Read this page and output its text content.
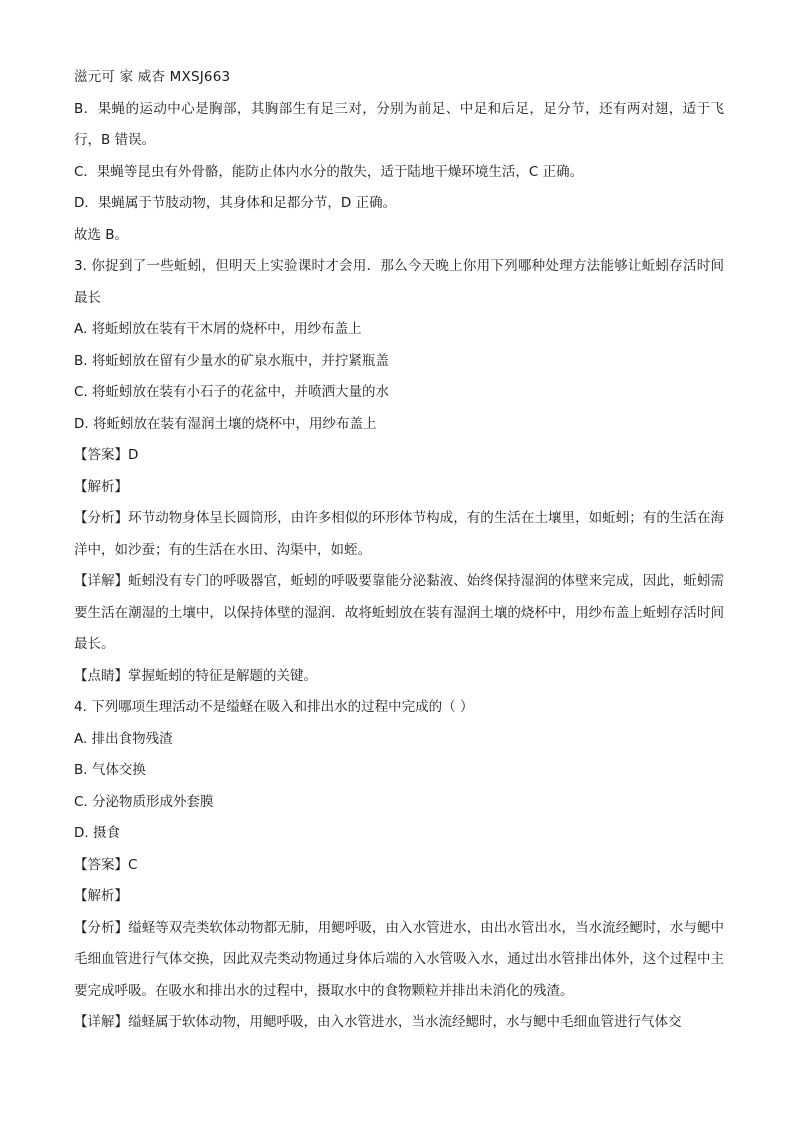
滋元可 家 威杏 MXSJ663
B．果蝇的运动中心是胸部，其胸部生有足三对，分别为前足、中足和后足，足分节，还有两对翅，适于飞行，B 错误。
C．果蝇等昆虫有外骨骼，能防止体内水分的散失，适于陆地干燥环境生活，C 正确。
D．果蝇属于节肢动物，其身体和足都分节，D 正确。
故选 B。
3. 你捉到了一些蚯蚓，但明天上实验课时才会用．那么今天晚上你用下列哪种处理方法能够让蚯蚓存活时间最长
A. 将蚯蚓放在装有干木屑的烧杯中，用纱布盖上
B. 将蚯蚓放在留有少量水的矿泉水瓶中，并拧紧瓶盖
C. 将蚯蚓放在装有小石子的花盆中，并喷洒大量的水
D. 将蚯蚓放在装有湿润土壤的烧杯中，用纱布盖上
【答案】D
【解析】
【分析】环节动物身体呈长圆筒形，由许多相似的环形体节构成，有的生活在土壤里，如蚯蚓；有的生活在海洋中，如沙蚕；有的生活在水田、沟渠中，如蛭。
【详解】蚯蚓没有专门的呼吸器官，蚯蚓的呼吸要靠能分泌黏液、始终保持湿润的体壁来完成，因此，蚯蚓需要生活在潮湿的土壤中，以保持体壁的湿润．故将蚯蚓放在装有湿润土壤的烧杯中，用纱布盖上蚯蚓存活时间最长。
【点睛】掌握蚯蚓的特征是解题的关键。
4. 下列哪项生理活动不是缢蛏在吸入和排出水的过程中完成的（ ）
A. 排出食物残渣
B. 气体交换
C. 分泌物质形成外套膜
D. 摄食
【答案】C
【解析】
【分析】缢蛏等双壳类软体动物都无肺，用鳃呼吸，由入水管进水，由出水管出水，当水流经鳃时，水与鳃中毛细血管进行气体交换，因此双壳类动物通过身体后端的入水管吸入水，通过出水管排出体外，这个过程中主要完成呼吸。在吸水和排出水的过程中，摄取水中的食物颗粒并排出未消化的残渣。
【详解】缢蛏属于软体动物，用鳃呼吸，由入水管进水，当水流经鳃时，水与鳃中毛细血管进行气体交
